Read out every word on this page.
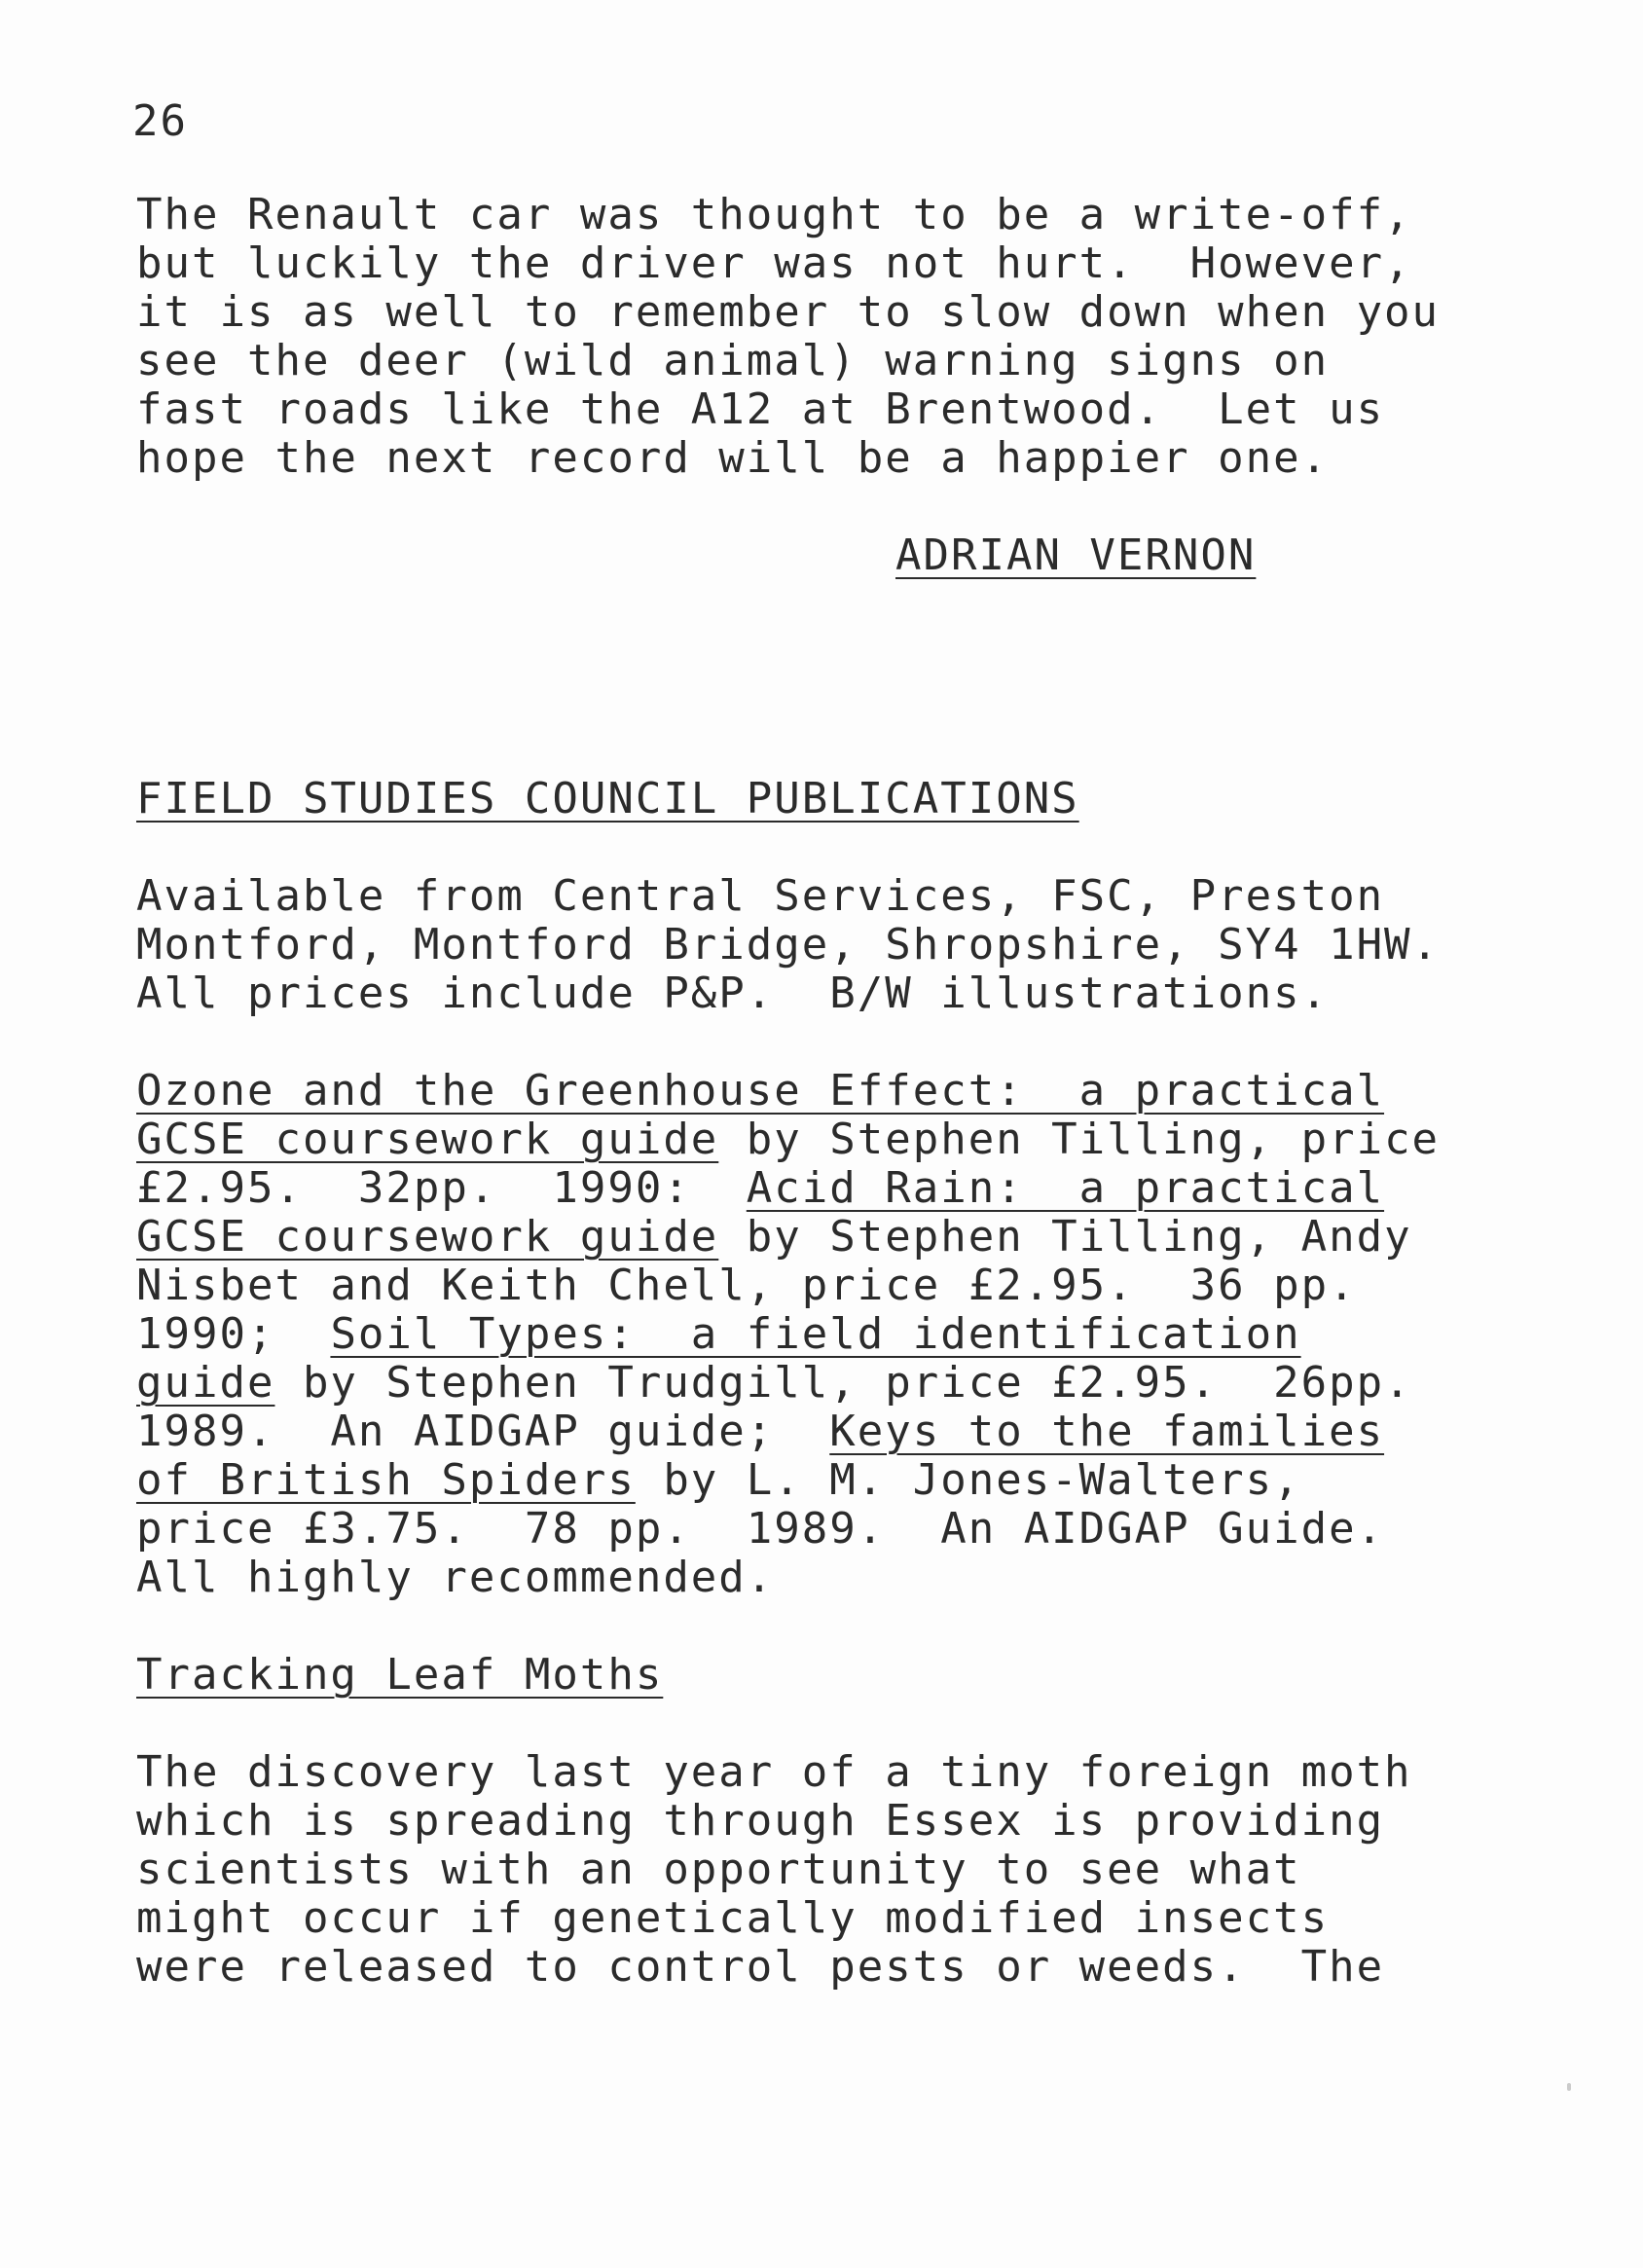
26

The Renault car was thought to be a write-off,

but luckily the driver was not hurt.  However,

it is as well to remember to slow down when you

see the deer (wild animal) warning signs on

fast roads like the A12 at Brentwood.  Let us

hope the next record will be a happier one.

ADRIAN VERNON

FIELD STUDIES COUNCIL PUBLICATIONS

Available from Central Services, FSC, Preston

Montford, Montford Bridge, Shropshire, SY4 1HW.

All prices include P&P.  B/W illustrations.

Ozone and the Greenhouse Effect:  a practical

GCSE coursework guide by Stephen Tilling, price

£2.95.  32pp.  1990:  Acid Rain:  a practical

GCSE coursework guide by Stephen Tilling, Andy

Nisbet and Keith Chell, price £2.95.  36 pp.

1990;  Soil Types:  a field identification

guide by Stephen Trudgill, price £2.95.  26pp.

1989.  An AIDGAP guide;  Keys to the families

of British Spiders by L. M. Jones-Walters,

price £3.75.  78 pp.  1989.  An AIDGAP Guide.

All highly recommended.

Tracking Leaf Moths

The discovery last year of a tiny foreign moth

which is spreading through Essex is providing

scientists with an opportunity to see what

might occur if genetically modified insects

were released to control pests or weeds.  The
